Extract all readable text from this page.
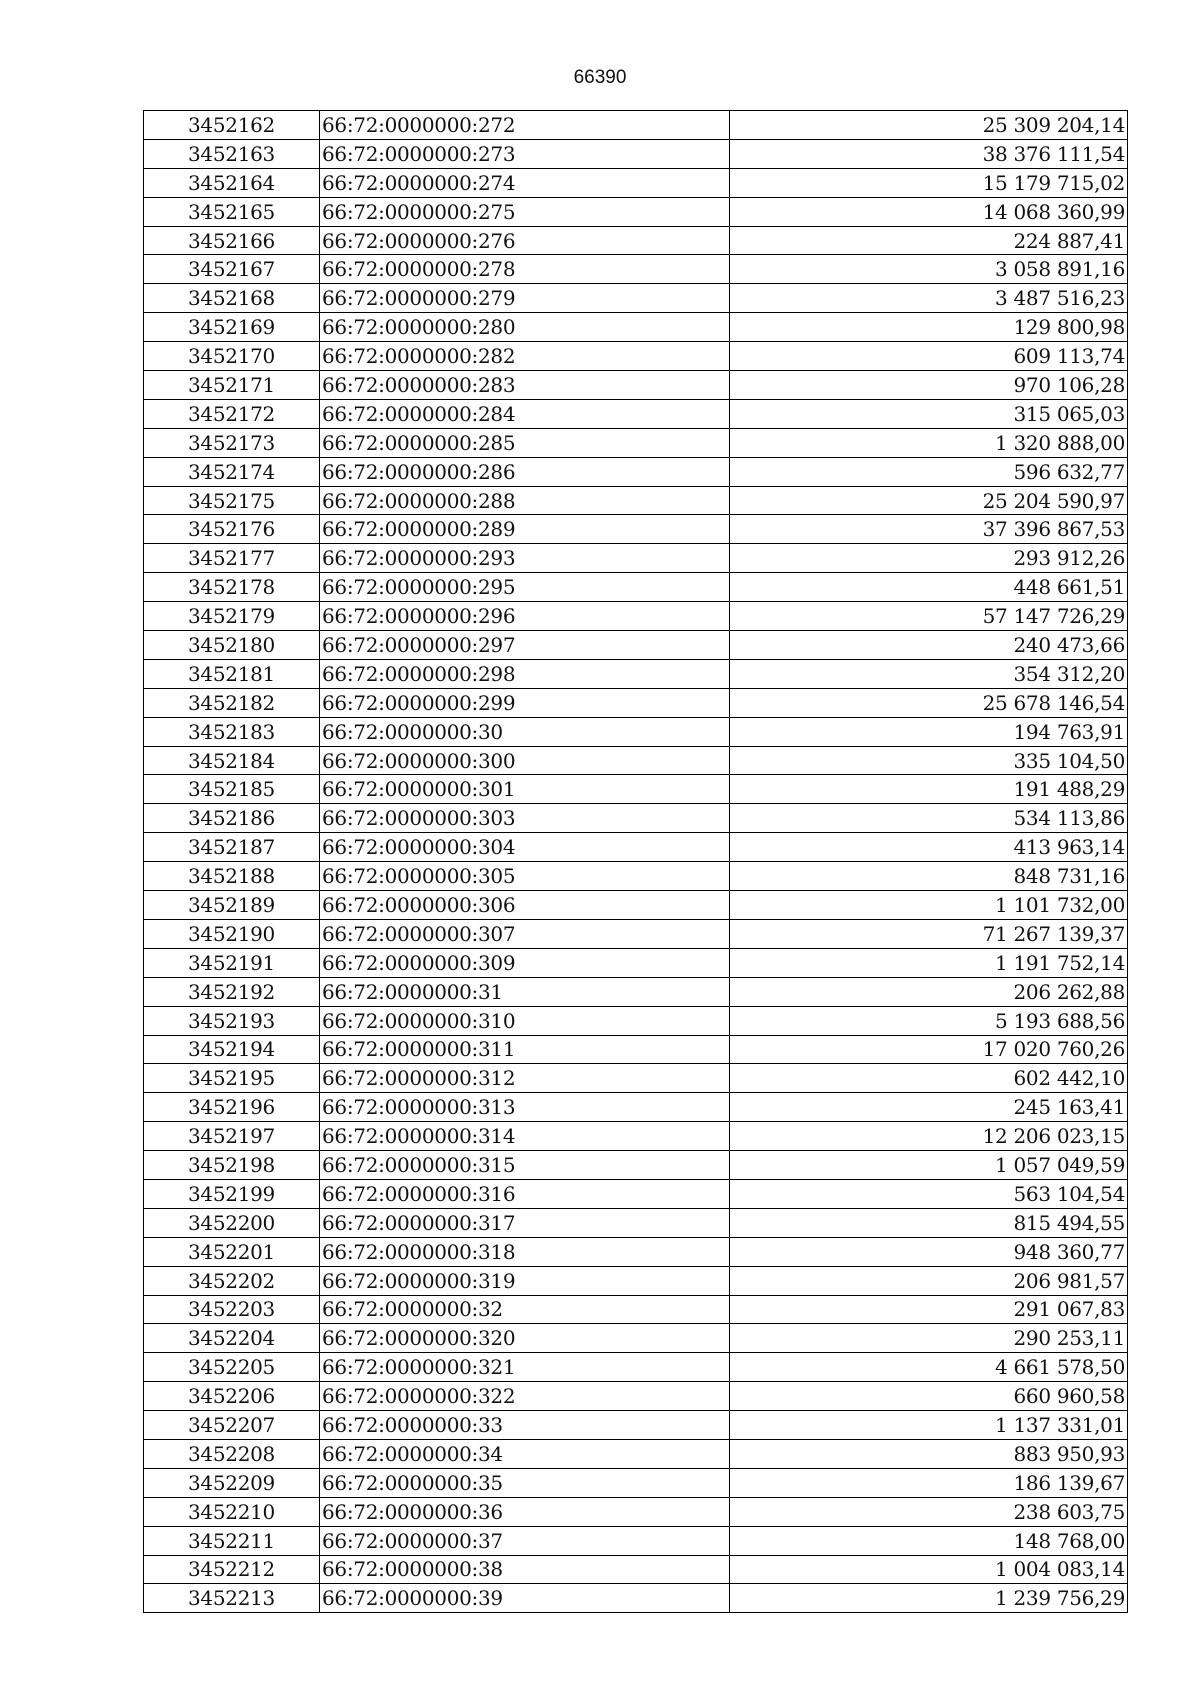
66390
3452162	66:72:0000000:272	25 309 204,14
3452163	66:72:0000000:273	38 376 111,54
3452164	66:72:0000000:274	15 179 715,02
3452165	66:72:0000000:275	14 068 360,99
3452166	66:72:0000000:276	224 887,41
3452167	66:72:0000000:278	3 058 891,16
3452168	66:72:0000000:279	3 487 516,23
3452169	66:72:0000000:280	129 800,98
3452170	66:72:0000000:282	609 113,74
3452171	66:72:0000000:283	970 106,28
3452172	66:72:0000000:284	315 065,03
3452173	66:72:0000000:285	1 320 888,00
3452174	66:72:0000000:286	596 632,77
3452175	66:72:0000000:288	25 204 590,97
3452176	66:72:0000000:289	37 396 867,53
3452177	66:72:0000000:293	293 912,26
3452178	66:72:0000000:295	448 661,51
3452179	66:72:0000000:296	57 147 726,29
3452180	66:72:0000000:297	240 473,66
3452181	66:72:0000000:298	354 312,20
3452182	66:72:0000000:299	25 678 146,54
3452183	66:72:0000000:30	194 763,91
3452184	66:72:0000000:300	335 104,50
3452185	66:72:0000000:301	191 488,29
3452186	66:72:0000000:303	534 113,86
3452187	66:72:0000000:304	413 963,14
3452188	66:72:0000000:305	848 731,16
3452189	66:72:0000000:306	1 101 732,00
3452190	66:72:0000000:307	71 267 139,37
3452191	66:72:0000000:309	1 191 752,14
3452192	66:72:0000000:31	206 262,88
3452193	66:72:0000000:310	5 193 688,56
3452194	66:72:0000000:311	17 020 760,26
3452195	66:72:0000000:312	602 442,10
3452196	66:72:0000000:313	245 163,41
3452197	66:72:0000000:314	12 206 023,15
3452198	66:72:0000000:315	1 057 049,59
3452199	66:72:0000000:316	563 104,54
3452200	66:72:0000000:317	815 494,55
3452201	66:72:0000000:318	948 360,77
3452202	66:72:0000000:319	206 981,57
3452203	66:72:0000000:32	291 067,83
3452204	66:72:0000000:320	290 253,11
3452205	66:72:0000000:321	4 661 578,50
3452206	66:72:0000000:322	660 960,58
3452207	66:72:0000000:33	1 137 331,01
3452208	66:72:0000000:34	883 950,93
3452209	66:72:0000000:35	186 139,67
3452210	66:72:0000000:36	238 603,75
3452211	66:72:0000000:37	148 768,00
3452212	66:72:0000000:38	1 004 083,14
3452213	66:72:0000000:39	1 239 756,29
